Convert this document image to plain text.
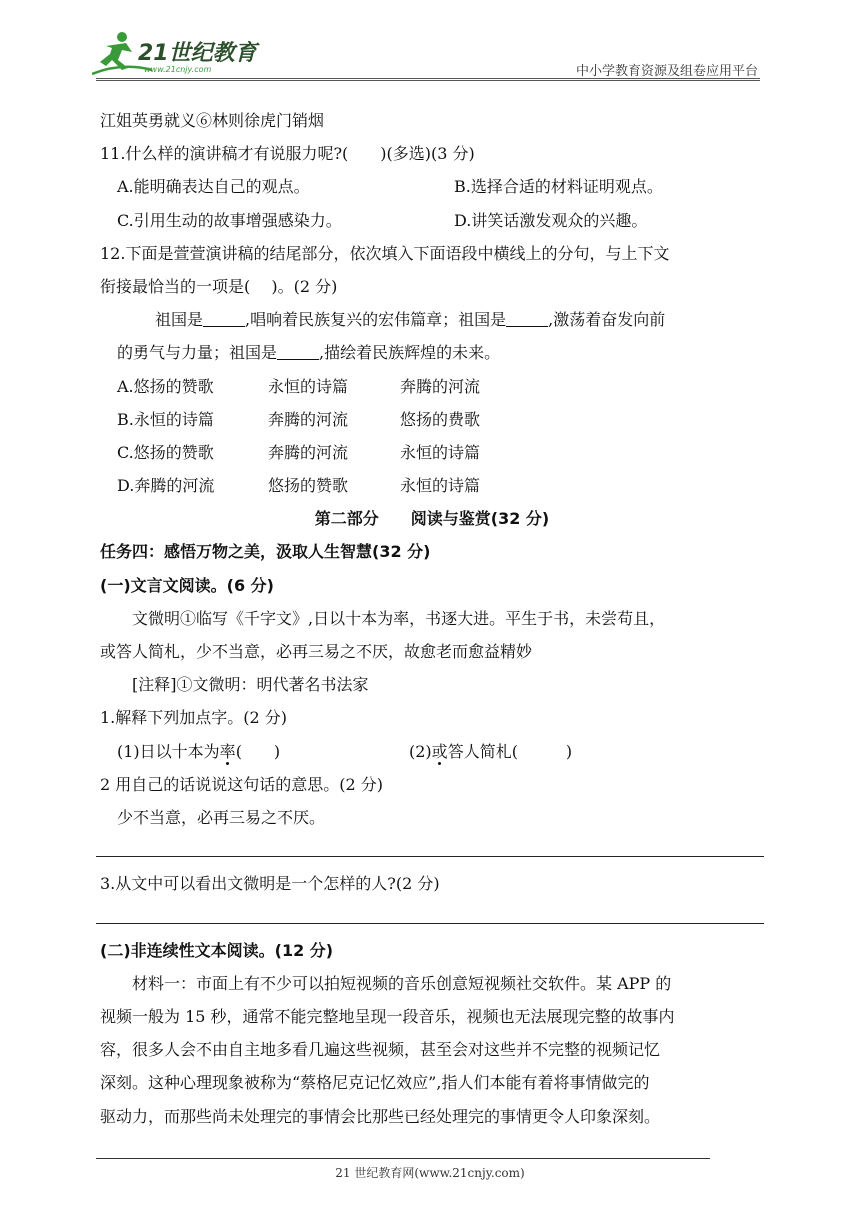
21世纪教育
www.21cnjy.com	中小学教育资源及组卷应用平台
江姐英勇就义⑥林则徐虎门销烟
11.什么样的演讲稿才有说服力呢?(　　)(多选)(3 分)
A.能明确表达自己的观点。	B.选择合适的材料证明观点。
C.引用生动的故事增强感染力。	D.讲笑话激发观众的兴趣。
12.下面是萱萱演讲稿的结尾部分，依次填入下面语段中横线上的分句，与上下文
衔接最恰当的一项是(　 )。(2 分)
祖国是	,唱响着民族复兴的宏伟篇章；祖国是	,激荡着奋发向前
的勇气与力量；祖国是	,描绘着民族辉煌的未来。
A.悠扬的赞歌	永恒的诗篇	奔腾的河流
B.永恒的诗篇	奔腾的河流	悠扬的费歌
C.悠扬的赞歌	奔腾的河流	永恒的诗篇
D.奔腾的河流	悠扬的赞歌	永恒的诗篇
第二部分　　阅读与鉴赏(32 分)
任务四：感悟万物之美，汲取人生智慧(32 分)
(一)文言文阅读。(6 分)
文微明①临写《千字文》,日以十本为率，书逐大进。平生于书，未尝苟且，
或答人简札，少不当意，必再三易之不厌，故愈老而愈益精妙
[注释]①文微明：明代著名书法家
1.解释下列加点字。(2 分)
(1)日以十本为率(　　)	(2)或答人简札(　　　)
2 用自己的话说说这句话的意思。(2 分)
少不当意，必再三易之不厌。
3.从文中可以看出文微明是一个怎样的人?(2 分)
(二)非连续性文本阅读。(12 分)
材料一：市面上有不少可以拍短视频的音乐创意短视频社交软件。某 APP 的
视频一般为 15 秒，通常不能完整地呈现一段音乐，视频也无法展现完整的故事内
容，很多人会不由自主地多看几遍这些视频，甚至会对这些并不完整的视频记忆
深刻。这种心理现象被称为“蔡格尼克记忆效应”,指人们本能有着将事情做完的
驱动力，而那些尚未处理完的事情会比那些已经处理完的事情更令人印象深刻。
21 世纪教育网(www.21cnjy.com)
